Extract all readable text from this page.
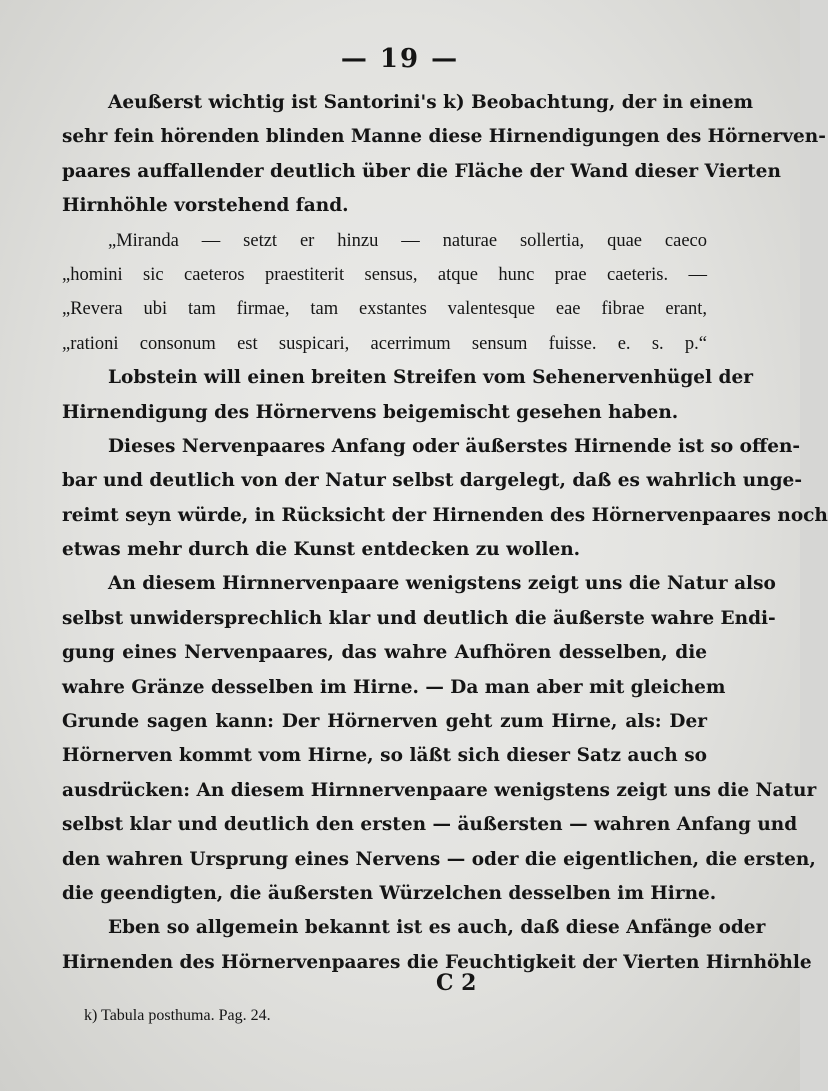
— 19 —
Aeußerst wichtig ist Santorini's k) Beobachtung, der in einem
sehr fein hörenden blinden Manne diese Hirnendigungen des Hörnerven-
paares auffallender deutlich über die Fläche der Wand dieser Vierten
Hirnhöhle vorstehend fand.
„Miranda — setzt er hinzu — naturae sollertia, quae caeco
„homini sic caeteros praestiterit sensus, atque hunc prae caeteris. —
„Revera ubi tam firmae, tam exstantes valentesque eae fibrae erant,
„rationi consonum est suspicari, acerrimum sensum fuisse. e. s. p.“
Lobstein will einen breiten Streifen vom Sehenervenhügel der
Hirnendigung des Hörnervens beigemischt gesehen haben.
Dieses Nervenpaares Anfang oder äußerstes Hirnende ist so offen-
bar und deutlich von der Natur selbst dargelegt, daß es wahrlich unge-
reimt seyn würde, in Rücksicht der Hirnenden des Hörnervenpaares noch
etwas mehr durch die Kunst entdecken zu wollen.
An diesem Hirnnervenpaare wenigstens zeigt uns die Natur also
selbst unwidersprechlich klar und deutlich die äußerste wahre Endi-
gung eines Nervenpaares, das wahre Aufhören desselben, die
wahre Gränze desselben im Hirne. — Da man aber mit gleichem
Grunde sagen kann: Der Hörnerven geht zum Hirne, als: Der
Hörnerven kommt vom Hirne, so läßt sich dieser Satz auch so
ausdrücken: An diesem Hirnnervenpaare wenigstens zeigt uns die Natur
selbst klar und deutlich den ersten — äußersten — wahren Anfang und
den wahren Ursprung eines Nervens — oder die eigentlichen, die ersten,
die geendigten, die äußersten Würzelchen desselben im Hirne.
Eben so allgemein bekannt ist es auch, daß diese Anfänge oder
Hirnenden des Hörnervenpaares die Feuchtigkeit der Vierten Hirnhöhle
C 2
k) Tabula posthuma. Pag. 24.
